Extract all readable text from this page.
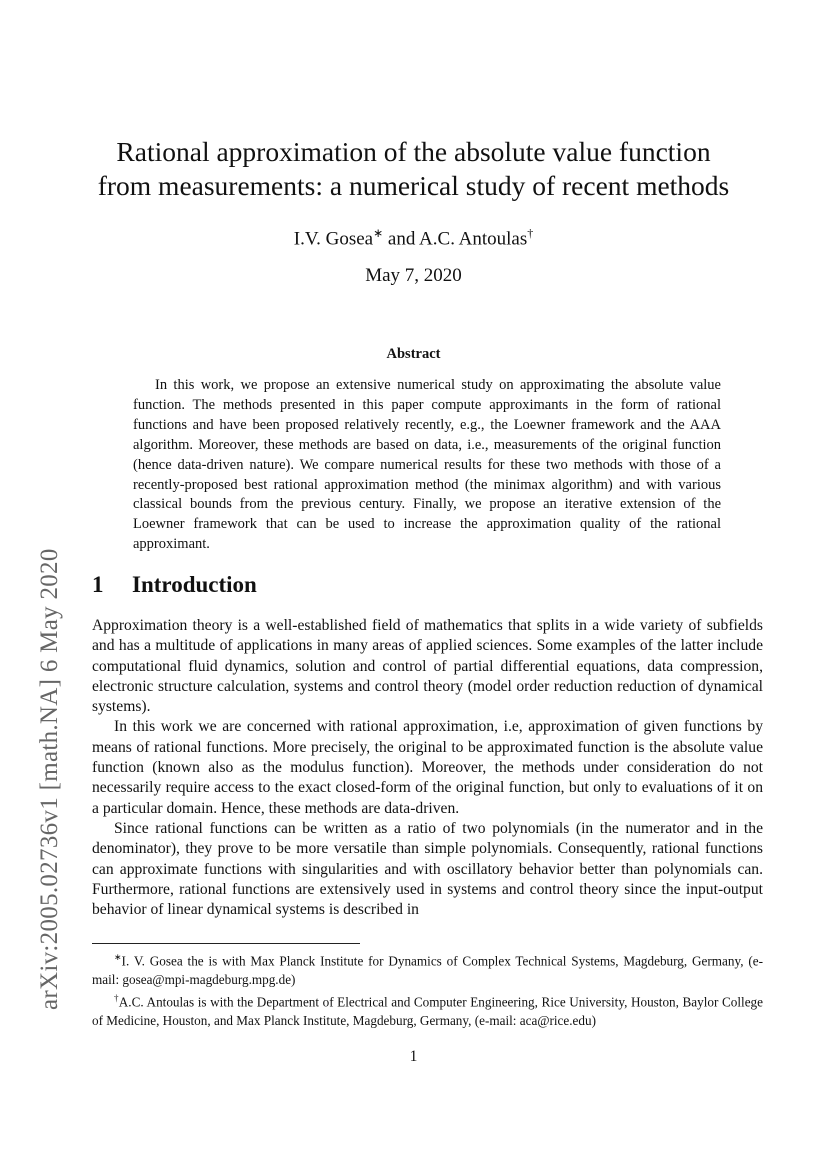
arXiv:2005.02736v1 [math.NA] 6 May 2020
Rational approximation of the absolute value function
from measurements: a numerical study of recent methods
I.V. Gosea∗ and A.C. Antoulas†
May 7, 2020
Abstract
In this work, we propose an extensive numerical study on approximating the absolute value function. The methods presented in this paper compute approximants in the form of rational functions and have been proposed relatively recently, e.g., the Loewner framework and the AAA algorithm. Moreover, these methods are based on data, i.e., measurements of the original function (hence data-driven nature). We compare numerical results for these two methods with those of a recently-proposed best rational approximation method (the minimax algorithm) and with various classical bounds from the previous century. Finally, we propose an iterative extension of the Loewner framework that can be used to increase the approximation quality of the rational approximant.
1 Introduction

Approximation theory is a well-established field of mathematics that splits in a wide variety of subfields and has a multitude of applications in many areas of applied sciences. Some examples of the latter include computational fluid dynamics, solution and control of partial differential equations, data compression, electronic structure calculation, systems and control theory (model order reduction reduction of dynamical systems).

In this work we are concerned with rational approximation, i.e, approximation of given functions by means of rational functions. More precisely, the original to be approximated function is the absolute value function (known also as the modulus function). Moreover, the methods under consideration do not necessarily require access to the exact closed-form of the original function, but only to evaluations of it on a particular domain. Hence, these methods are data-driven.

Since rational functions can be written as a ratio of two polynomials (in the numerator and in the denominator), they prove to be more versatile than simple polynomials. Consequently, rational functions can approximate functions with singularities and with oscillatory behavior better than polynomials can. Furthermore, rational functions are extensively used in systems and control theory since the input-output behavior of linear dynamical systems is described in

∗I. V. Gosea the is with Max Planck Institute for Dynamics of Complex Technical Systems, Magdeburg, Germany, (e-mail: gosea@mpi-magdeburg.mpg.de)

†A.C. Antoulas is with the Department of Electrical and Computer Engineering, Rice University, Houston, Baylor College of Medicine, Houston, and Max Planck Institute, Magdeburg, Germany, (e-mail: aca@rice.edu)

1
